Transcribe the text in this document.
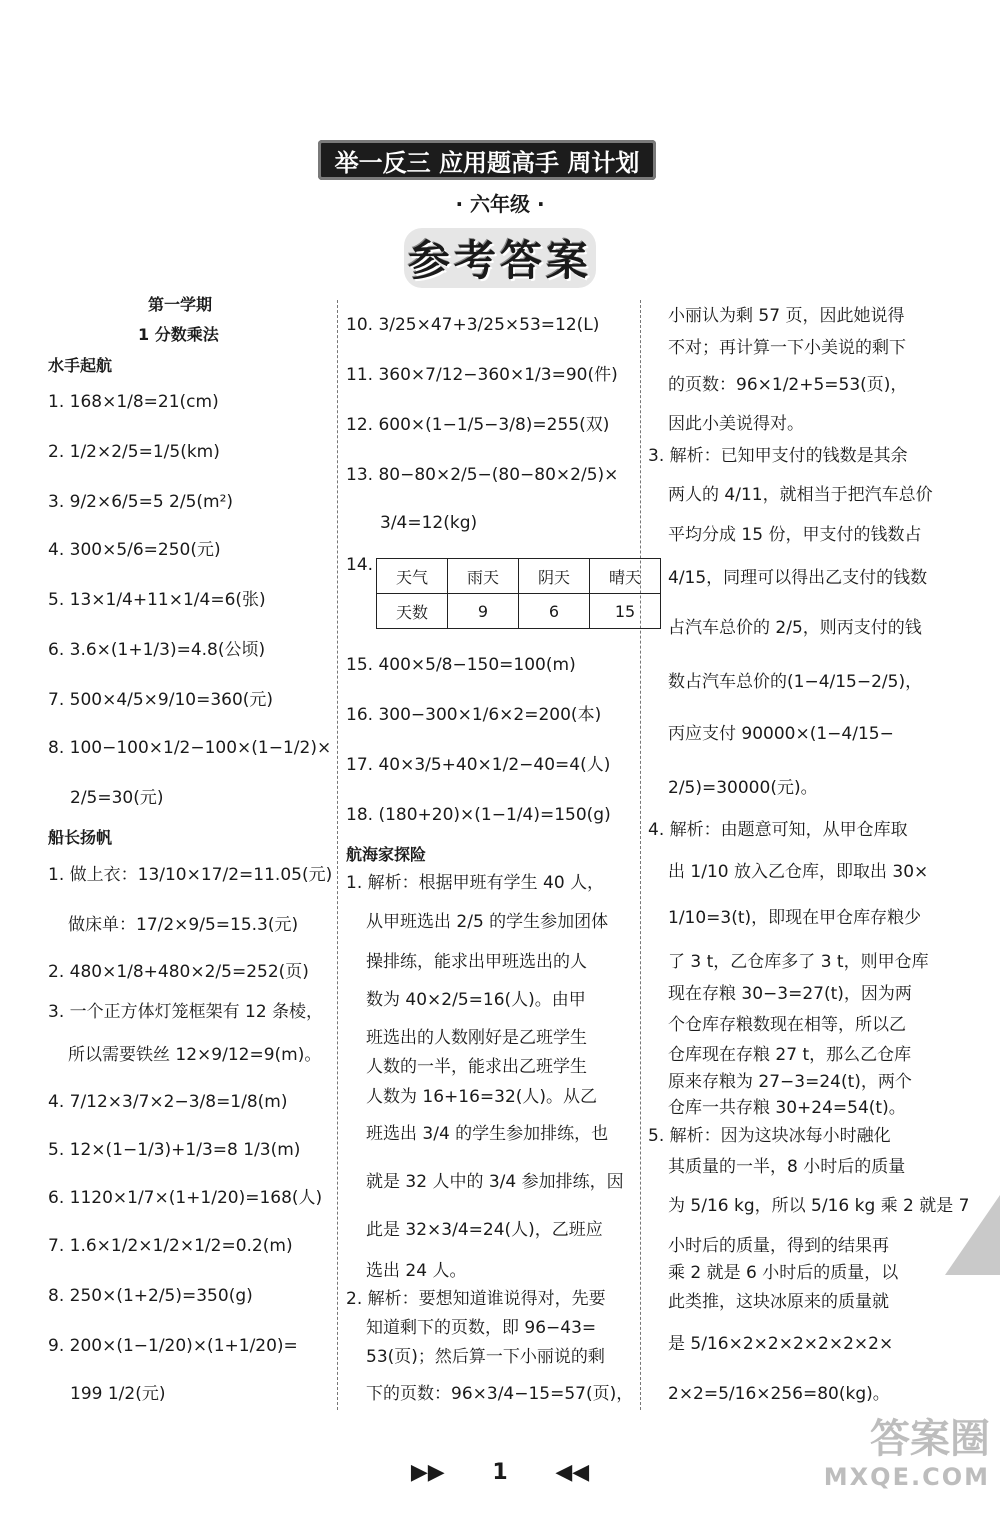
举一反三 应用题高手 周计划
· 六年级 ·
参考答案
第一学期
1 分数乘法
水手起航
1. 168×1/8=21(cm)
2. 1/2×2/5=1/5(km)
3. 9/2×6/5=5 2/5(m²)
4. 300×5/6=250(元)
5. 13×1/4+11×1/4=6(张)
6. 3.6×(1+1/3)=4.8(公顷)
7. 500×4/5×9/10=360(元)
8. 100−100×1/2−100×(1−1/2)×
2/5=30(元)
船长扬帆
1. 做上衣：13/10×17/2=11.05(元)
做床单：17/2×9/5=15.3(元)
2. 480×1/8+480×2/5=252(页)
3. 一个正方体灯笼框架有 12 条棱，
所以需要铁丝 12×9/12=9(m)。
4. 7/12×3/7×2−3/8=1/8(m)
5. 12×(1−1/3)+1/3=8 1/3(m)
6. 1120×1/7×(1+1/20)=168(人)
7. 1.6×1/2×1/2×1/2=0.2(m)
8. 250×(1+2/5)=350(g)
9. 200×(1−1/20)×(1+1/20)=
199 1/2(元)
10. 3/25×47+3/25×53=12(L)
11. 360×7/12−360×1/3=90(件)
12. 600×(1−1/5−3/8)=255(双)
13. 80−80×2/5−(80−80×2/5)×
3/4=12(kg)
14.
天气	雨天	阴天	晴天
天数	9	6	15
15. 400×5/8−150=100(m)
16. 300−300×1/6×2=200(本)
17. 40×3/5+40×1/2−40=4(人)
18. (180+20)×(1−1/4)=150(g)
航海家探险
1. 解析：根据甲班有学生 40 人，
从甲班选出 2/5 的学生参加团体
操排练，能求出甲班选出的人
数为 40×2/5=16(人)。由甲
班选出的人数刚好是乙班学生
人数的一半，能求出乙班学生
人数为 16+16=32(人)。从乙
班选出 3/4 的学生参加排练，也
就是 32 人中的 3/4 参加排练，因
此是 32×3/4=24(人)，乙班应
选出 24 人。
2. 解析：要想知道谁说得对，先要
知道剩下的页数，即 96−43=
53(页)；然后算一下小丽说的剩
下的页数：96×3/4−15=57(页)，
小丽认为剩 57 页，因此她说得
不对；再计算一下小美说的剩下
的页数：96×1/2+5=53(页)，
因此小美说得对。
3. 解析：已知甲支付的钱数是其余
两人的 4/11，就相当于把汽车总价
平均分成 15 份，甲支付的钱数占
4/15，同理可以得出乙支付的钱数
占汽车总价的 2/5，则丙支付的钱
数占汽车总价的(1−4/15−2/5)，
丙应支付 90000×(1−4/15−
2/5)=30000(元)。
4. 解析：由题意可知，从甲仓库取
出 1/10 放入乙仓库，即取出 30×
1/10=3(t)，即现在甲仓库存粮少
了 3 t，乙仓库多了 3 t，则甲仓库
现在存粮 30−3=27(t)，因为两
个仓库存粮数现在相等，所以乙
仓库现在存粮 27 t，那么乙仓库
原来存粮为 27−3=24(t)，两个
仓库一共存粮 30+24=54(t)。
5. 解析：因为这块冰每小时融化
其质量的一半，8 小时后的质量
为 5/16 kg，所以 5/16 kg 乘 2 就是 7
小时后的质量，得到的结果再
乘 2 就是 6 小时后的质量，以
此类推，这块冰原来的质量就
是 5/16×2×2×2×2×2×2×
2×2=5/16×256=80(kg)。
▶▶ 1 ◀◀
答案圈
MXQE.COM
